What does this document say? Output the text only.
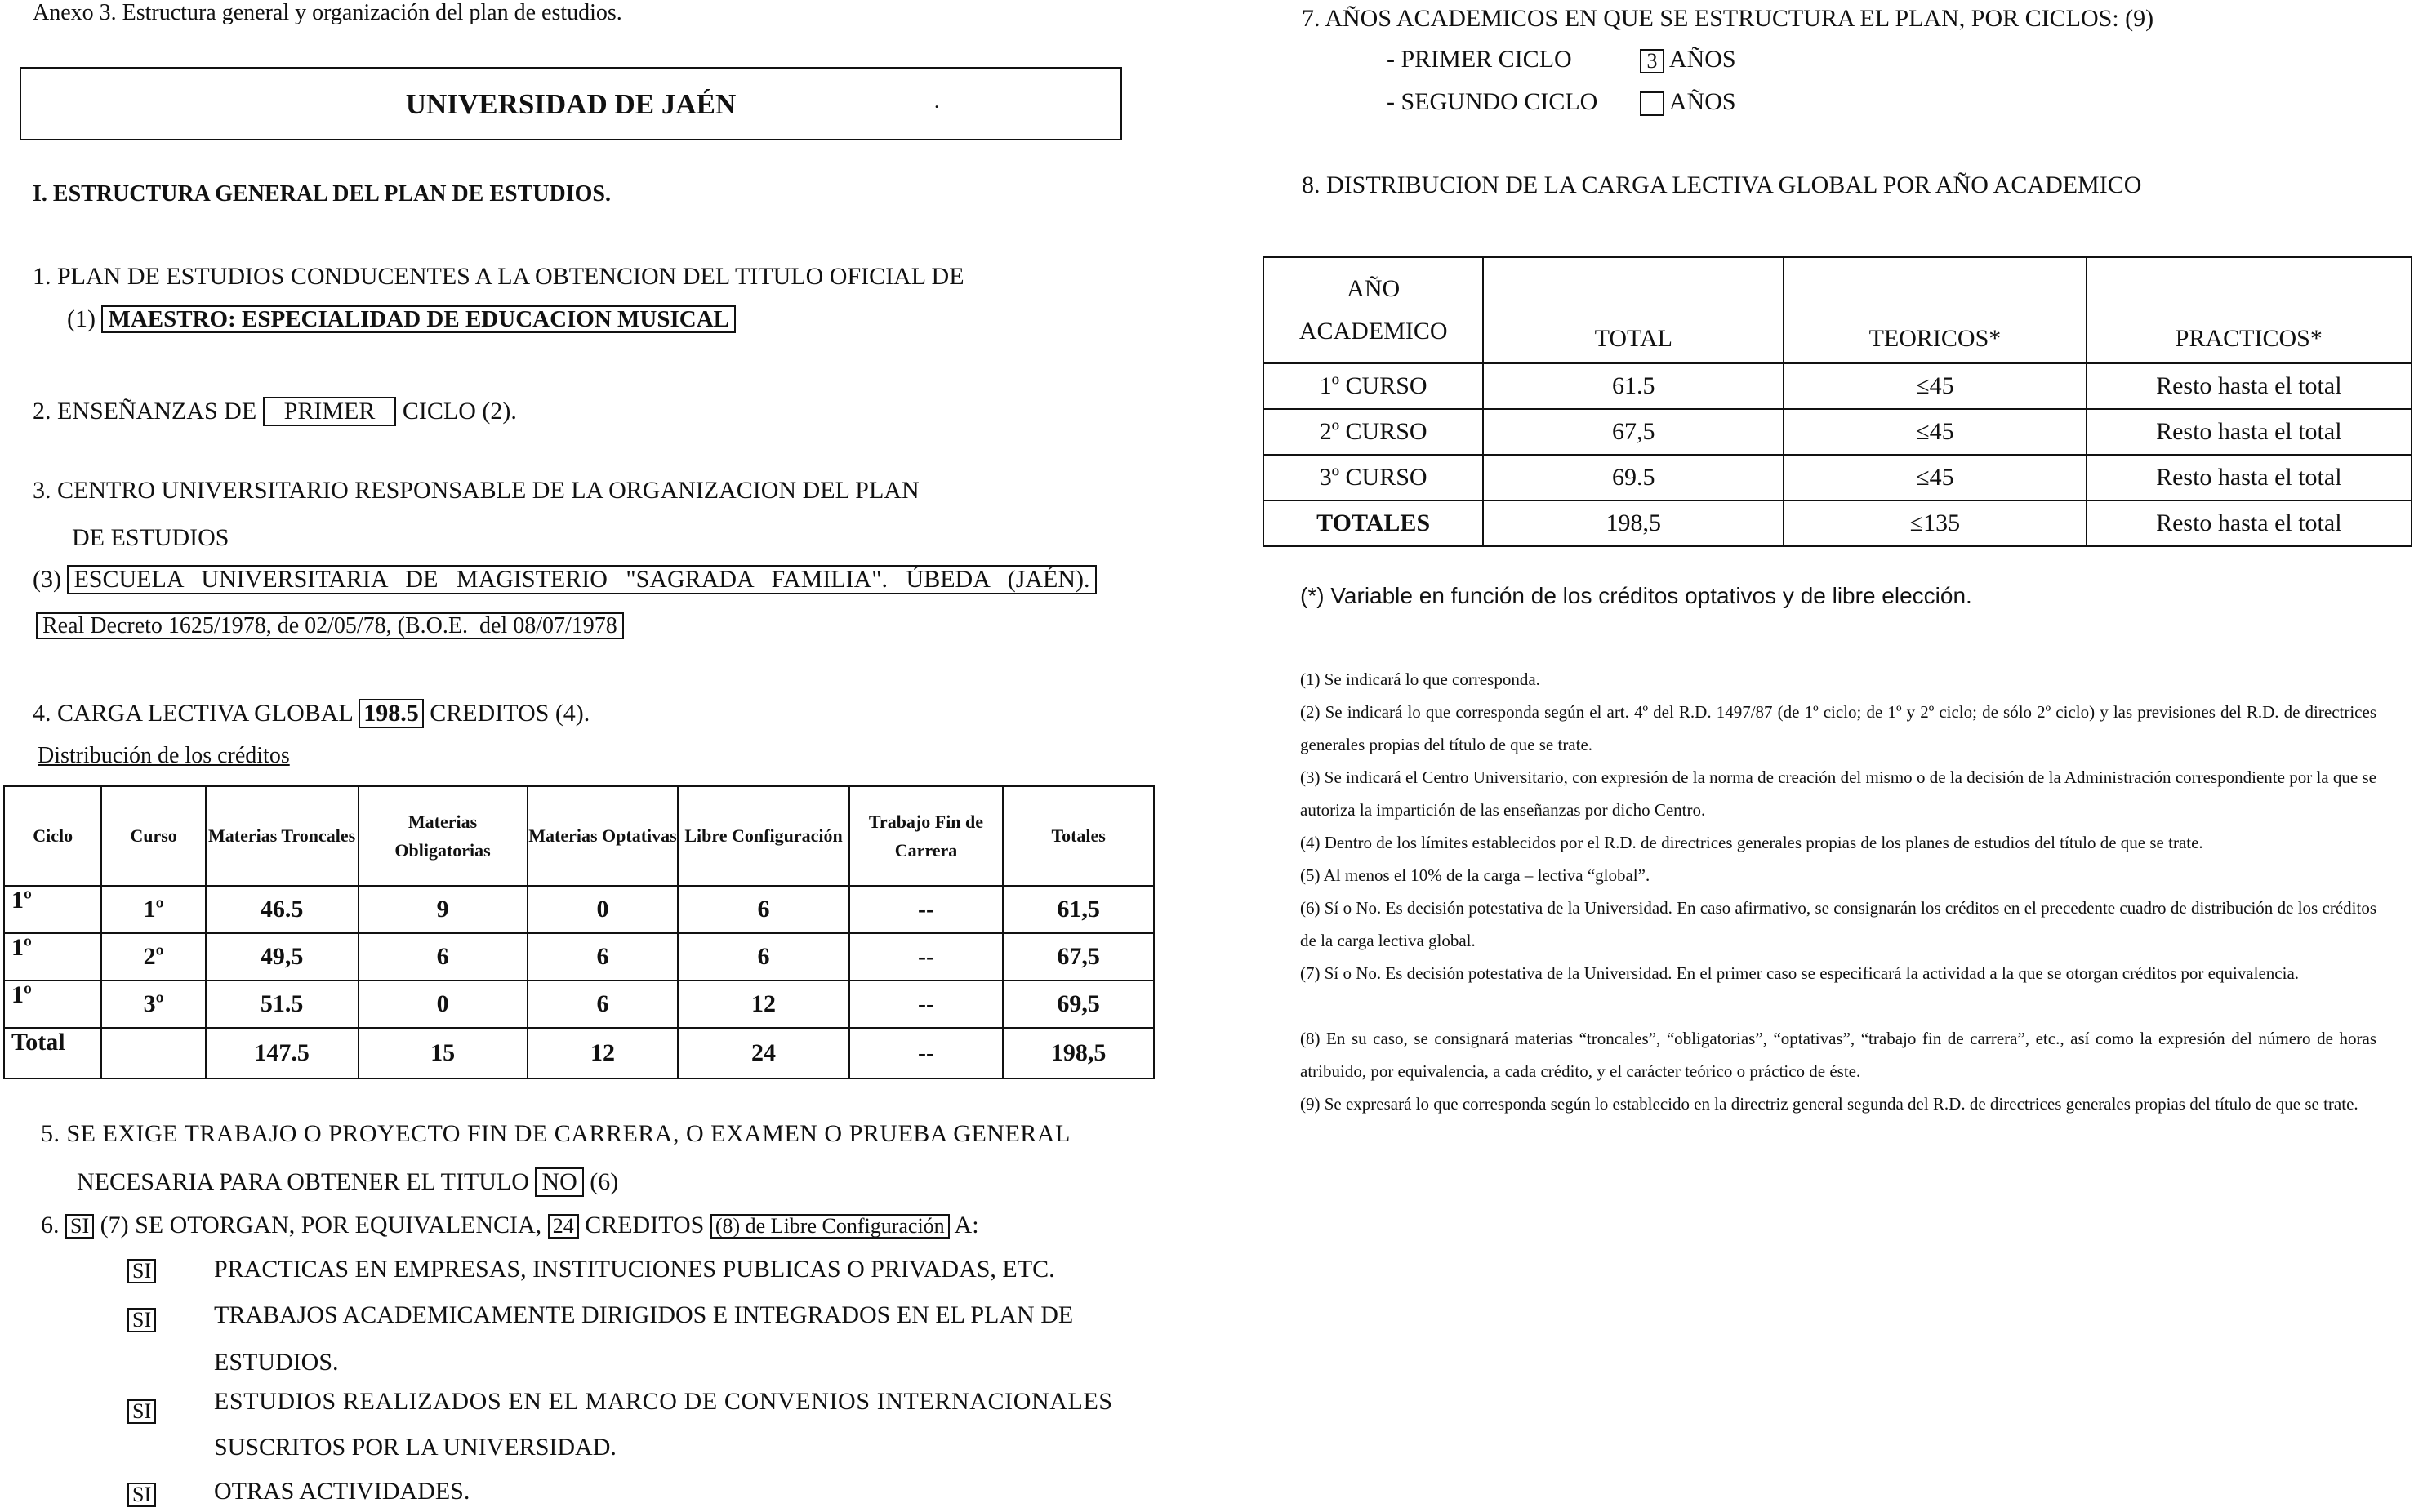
Anexo 3. Estructura general y organización del plan de estudios.
UNIVERSIDAD DE JAÉN	.
I. ESTRUCTURA GENERAL DEL PLAN DE ESTUDIOS.
1. PLAN DE ESTUDIOS CONDUCENTES A LA OBTENCION DEL TITULO OFICIAL DE
(1) MAESTRO: ESPECIALIDAD DE EDUCACION MUSICAL
2. ENSEÑANZAS DE PRIMER CICLO (2).
3. CENTRO UNIVERSITARIO RESPONSABLE DE LA ORGANIZACION DEL PLAN
DE ESTUDIOS
(3) ESCUELA   UNIVERSITARIA   DE   MAGISTERIO   "SAGRADA   FAMILIA".   ÚBEDA   (JAÉN).
Real Decreto 1625/1978, de 02/05/78, (B.O.E.  del 08/07/1978
4. CARGA LECTIVA GLOBAL 198.5 CREDITOS (4).
Distribución de los créditos
Ciclo	Curso	Materias Troncales	Materias Obligatorias	Materias Optativas	Libre Configuración	Trabajo Fin de Carrera	Totales
1º	1º	46.5	9	0	6	--	61,5
1º	2º	49,5	6	6	6	--	67,5
1º	3º	51.5	0	6	12	--	69,5
Total		147.5	15	12	24	--	198,5
5. SE EXIGE TRABAJO O PROYECTO FIN DE CARRERA, O EXAMEN O PRUEBA GENERAL
NECESARIA PARA OBTENER EL TITULO NO (6)
6. SI (7) SE OTORGAN, POR EQUIVALENCIA, 24 CREDITOS (8) de Libre Configuración A:
SI	PRACTICAS EN EMPRESAS, INSTITUCIONES PUBLICAS O PRIVADAS, ETC.
SI	TRABAJOS ACADEMICAMENTE DIRIGIDOS E INTEGRADOS EN EL PLAN DE
ESTUDIOS.
SI	ESTUDIOS REALIZADOS EN EL MARCO DE CONVENIOS INTERNACIONALES
SUSCRITOS POR LA UNIVERSIDAD.
SI	OTRAS ACTIVIDADES.
7. AÑOS ACADEMICOS EN QUE SE ESTRUCTURA EL PLAN, POR CICLOS: (9)
- PRIMER CICLO	3 AÑOS
- SEGUNDO CICLO	AÑOS
8. DISTRIBUCION DE LA CARGA LECTIVA GLOBAL POR AÑO ACADEMICO
AÑO
ACADEMICO	TOTAL	TEORICOS*	PRACTICOS*
1º CURSO	61.5	≤45	Resto hasta el total
2º CURSO	67,5	≤45	Resto hasta el total
3º CURSO	69.5	≤45	Resto hasta el total
TOTALES	198,5	≤135	Resto hasta el total
(*) Variable en función de los créditos optativos y de libre elección.
(1) Se indicará lo que corresponda.
(2) Se indicará lo que corresponda según el art. 4º del R.D. 1497/87 (de 1º ciclo; de 1º y 2º ciclo; de sólo 2º ciclo) y las previsiones del R.D. de directrices generales propias del título de que se trate.
(3) Se indicará el Centro Universitario, con expresión de la norma de creación del mismo o de la decisión de la Administración correspondiente por la que se autoriza la impartición de las enseñanzas por dicho Centro.
(4) Dentro de los límites establecidos por el R.D. de directrices generales propias de los planes de estudios del título de que se trate.
(5) Al menos el 10% de la carga – lectiva “global”.
(6) Sí o No. Es decisión potestativa de la Universidad. En caso afirmativo, se consignarán los créditos en el precedente cuadro de distribución de los créditos de la carga lectiva global.
(7) Sí o No. Es decisión potestativa de la Universidad. En el primer caso se especificará la actividad a la que se otorgan créditos por equivalencia.
(8) En su caso, se consignará materias “troncales”, “obligatorias”, “optativas”, “trabajo fin de carrera”, etc., así como la expresión del número de horas atribuido, por equivalencia, a cada crédito, y el carácter teórico o práctico de éste.
(9) Se expresará lo que corresponda según lo establecido en la directriz general segunda del R.D. de directrices generales propias del título de que se trate.
